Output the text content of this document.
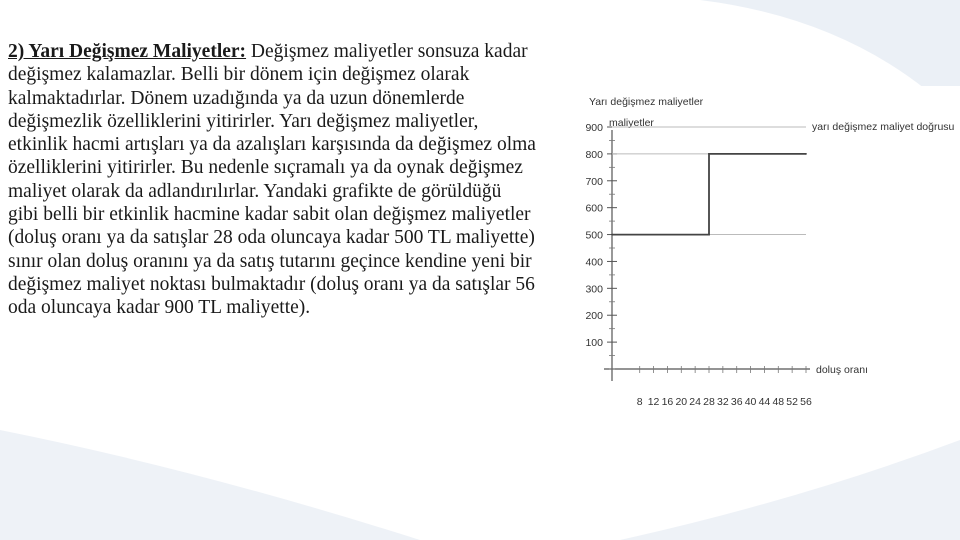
2) Yarı Değişmez Maliyetler: Değişmez maliyetler sonsuza kadar değişmez kalamazlar. Belli bir dönem için değişmez olarak kalmaktadırlar. Dönem uzadığında ya da uzun dönemlerde değişmezlik özelliklerini yitirirler. Yarı değişmez maliyetler, etkinlik hacmi artışları ya da azalışları karşısında da değişmez olma özelliklerini yitirirler. Bu nedenle sıçramalı ya da oynak değişmez maliyet olarak da adlandırılırlar. Yandaki grafikte de görüldüğü gibi belli bir etkinlik hacmine kadar sabit olan değişmez maliyetler (doluş oranı ya da satışlar 28 oda oluncaya kadar 500 TL maliyette) sınır olan doluş oranını ya da satış tutarını geçince kendine yeni bir değişmez maliyet noktası bulmaktadır (doluş oranı ya da satışlar 56 oda oluncaya kadar 900 TL maliyette).

Yarı değişmez maliyetler
maliyetler
100
200
300
400
500
600
700
800
900
8 12 16 20 24 28 32 36 40 44 48 52 56
yarı değişmez maliyet doğrusu
doluş oranı
